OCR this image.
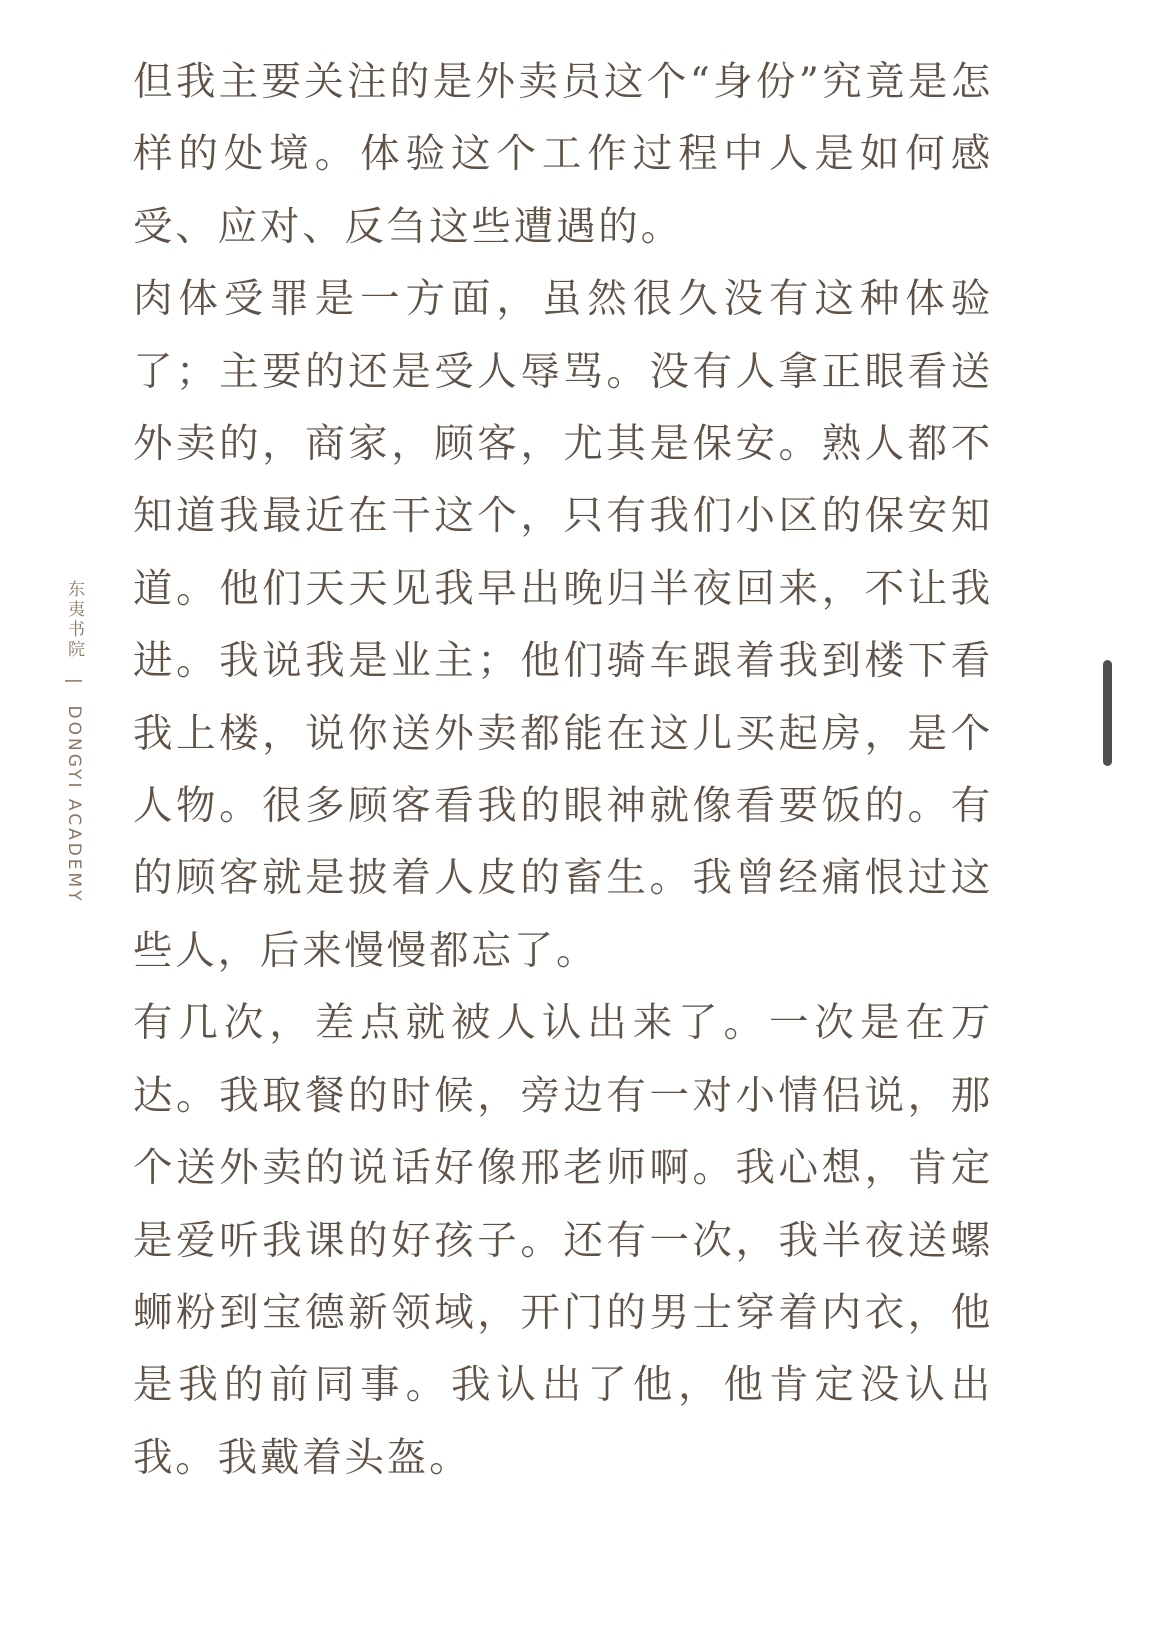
东夷书院 | DONGYI ACADEMY

但我主要关注的是外卖员这个“身份”究竟是怎样的处境。体验这个工作过程中人是如何感受、应对、反刍这些遭遇的。

肉体受罪是一方面，虽然很久没有这种体验了；主要的还是受人辱骂。没有人拿正眼看送外卖的，商家，顾客，尤其是保安。熟人都不知道我最近在干这个，只有我们小区的保安知道。他们天天见我早出晚归半夜回来，不让我进。我说我是业主；他们骑车跟着我到楼下看我上楼，说你送外卖都能在这儿买起房，是个人物。很多顾客看我的眼神就像看要饭的。有的顾客就是披着人皮的畜生。我曾经痛恨过这些人，后来慢慢都忘了。

有几次，差点就被人认出来了。一次是在万达。我取餐的时候，旁边有一对小情侣说，那个送外卖的说话好像邢老师啊。我心想，肯定是爱听我课的好孩子。还有一次，我半夜送螺蛳粉到宝德新领域，开门的男士穿着内衣，他是我的前同事。我认出了他，他肯定没认出我。我戴着头盔。
